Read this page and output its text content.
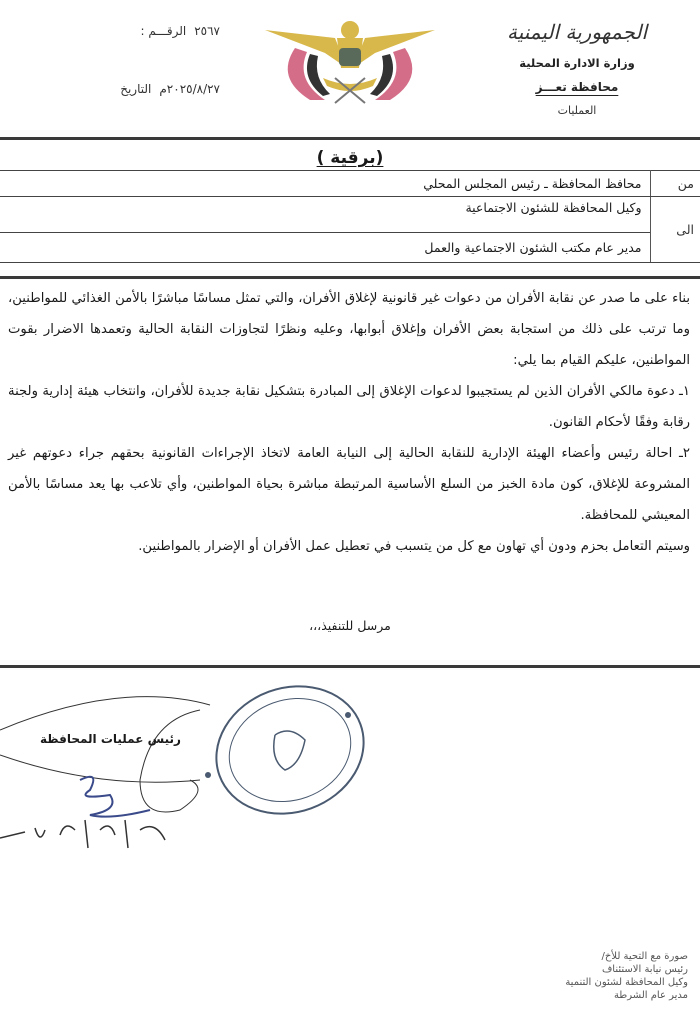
الجمهورية اليمنية
وزارة الادارة المحلية
محافظة تعـــز
العمليات
الرقـــم : ٢٥٦٧
التاريخ ٢٠٢٥/٨/٢٧م
(برقية )
من	محافظ المحافظة ـ رئيس المجلس المحلي
الى	وكيل المحافظة للشئون الاجتماعية
	مدير عام مكتب الشئون الاجتماعية والعمل

بناء على ما صدر عن نقابة الأفران من دعوات غير قانونية لإغلاق الأفران، والتي تمثل مساسًا مباشرًا بالأمن الغذائي للمواطنين، وما ترتب على ذلك من استجابة بعض الأفران وإغلاق أبوابها، وعليه ونظرًا لتجاوزات النقابة الحالية وتعمدها الاضرار بقوت المواطنين، عليكم القيام بما يلي:

١ـ دعوة مالكي الأفران الذين لم يستجيبوا لدعوات الإغلاق إلى المبادرة بتشكيل نقابة جديدة للأفران، وانتخاب هيئة إدارية ولجنة رقابة وفقًا لأحكام القانون.

٢ـ احالة رئيس وأعضاء الهيئة الإدارية للنقابة الحالية إلى النيابة العامة لاتخاذ الإجراءات القانونية بحقهم جراء دعوتهم غير المشروعة للإغلاق، كون مادة الخبز من السلع الأساسية المرتبطة مباشرة بحياة المواطنين، وأي تلاعب بها يعد مساسًا بالأمن المعيشي للمحافظة.

وسيتم التعامل بحزم ودون أي تهاون مع كل من يتسبب في تعطيل عمل الأفران أو الإضرار بالمواطنين.

مرسل للتنفيذ،،،
رئيس عمليات المحافظة
صورة مع التحية للأخ/
رئيس نيابة الاستئناف
وكيل المحافظة لشئون التنمية
مدير عام الشرطة
